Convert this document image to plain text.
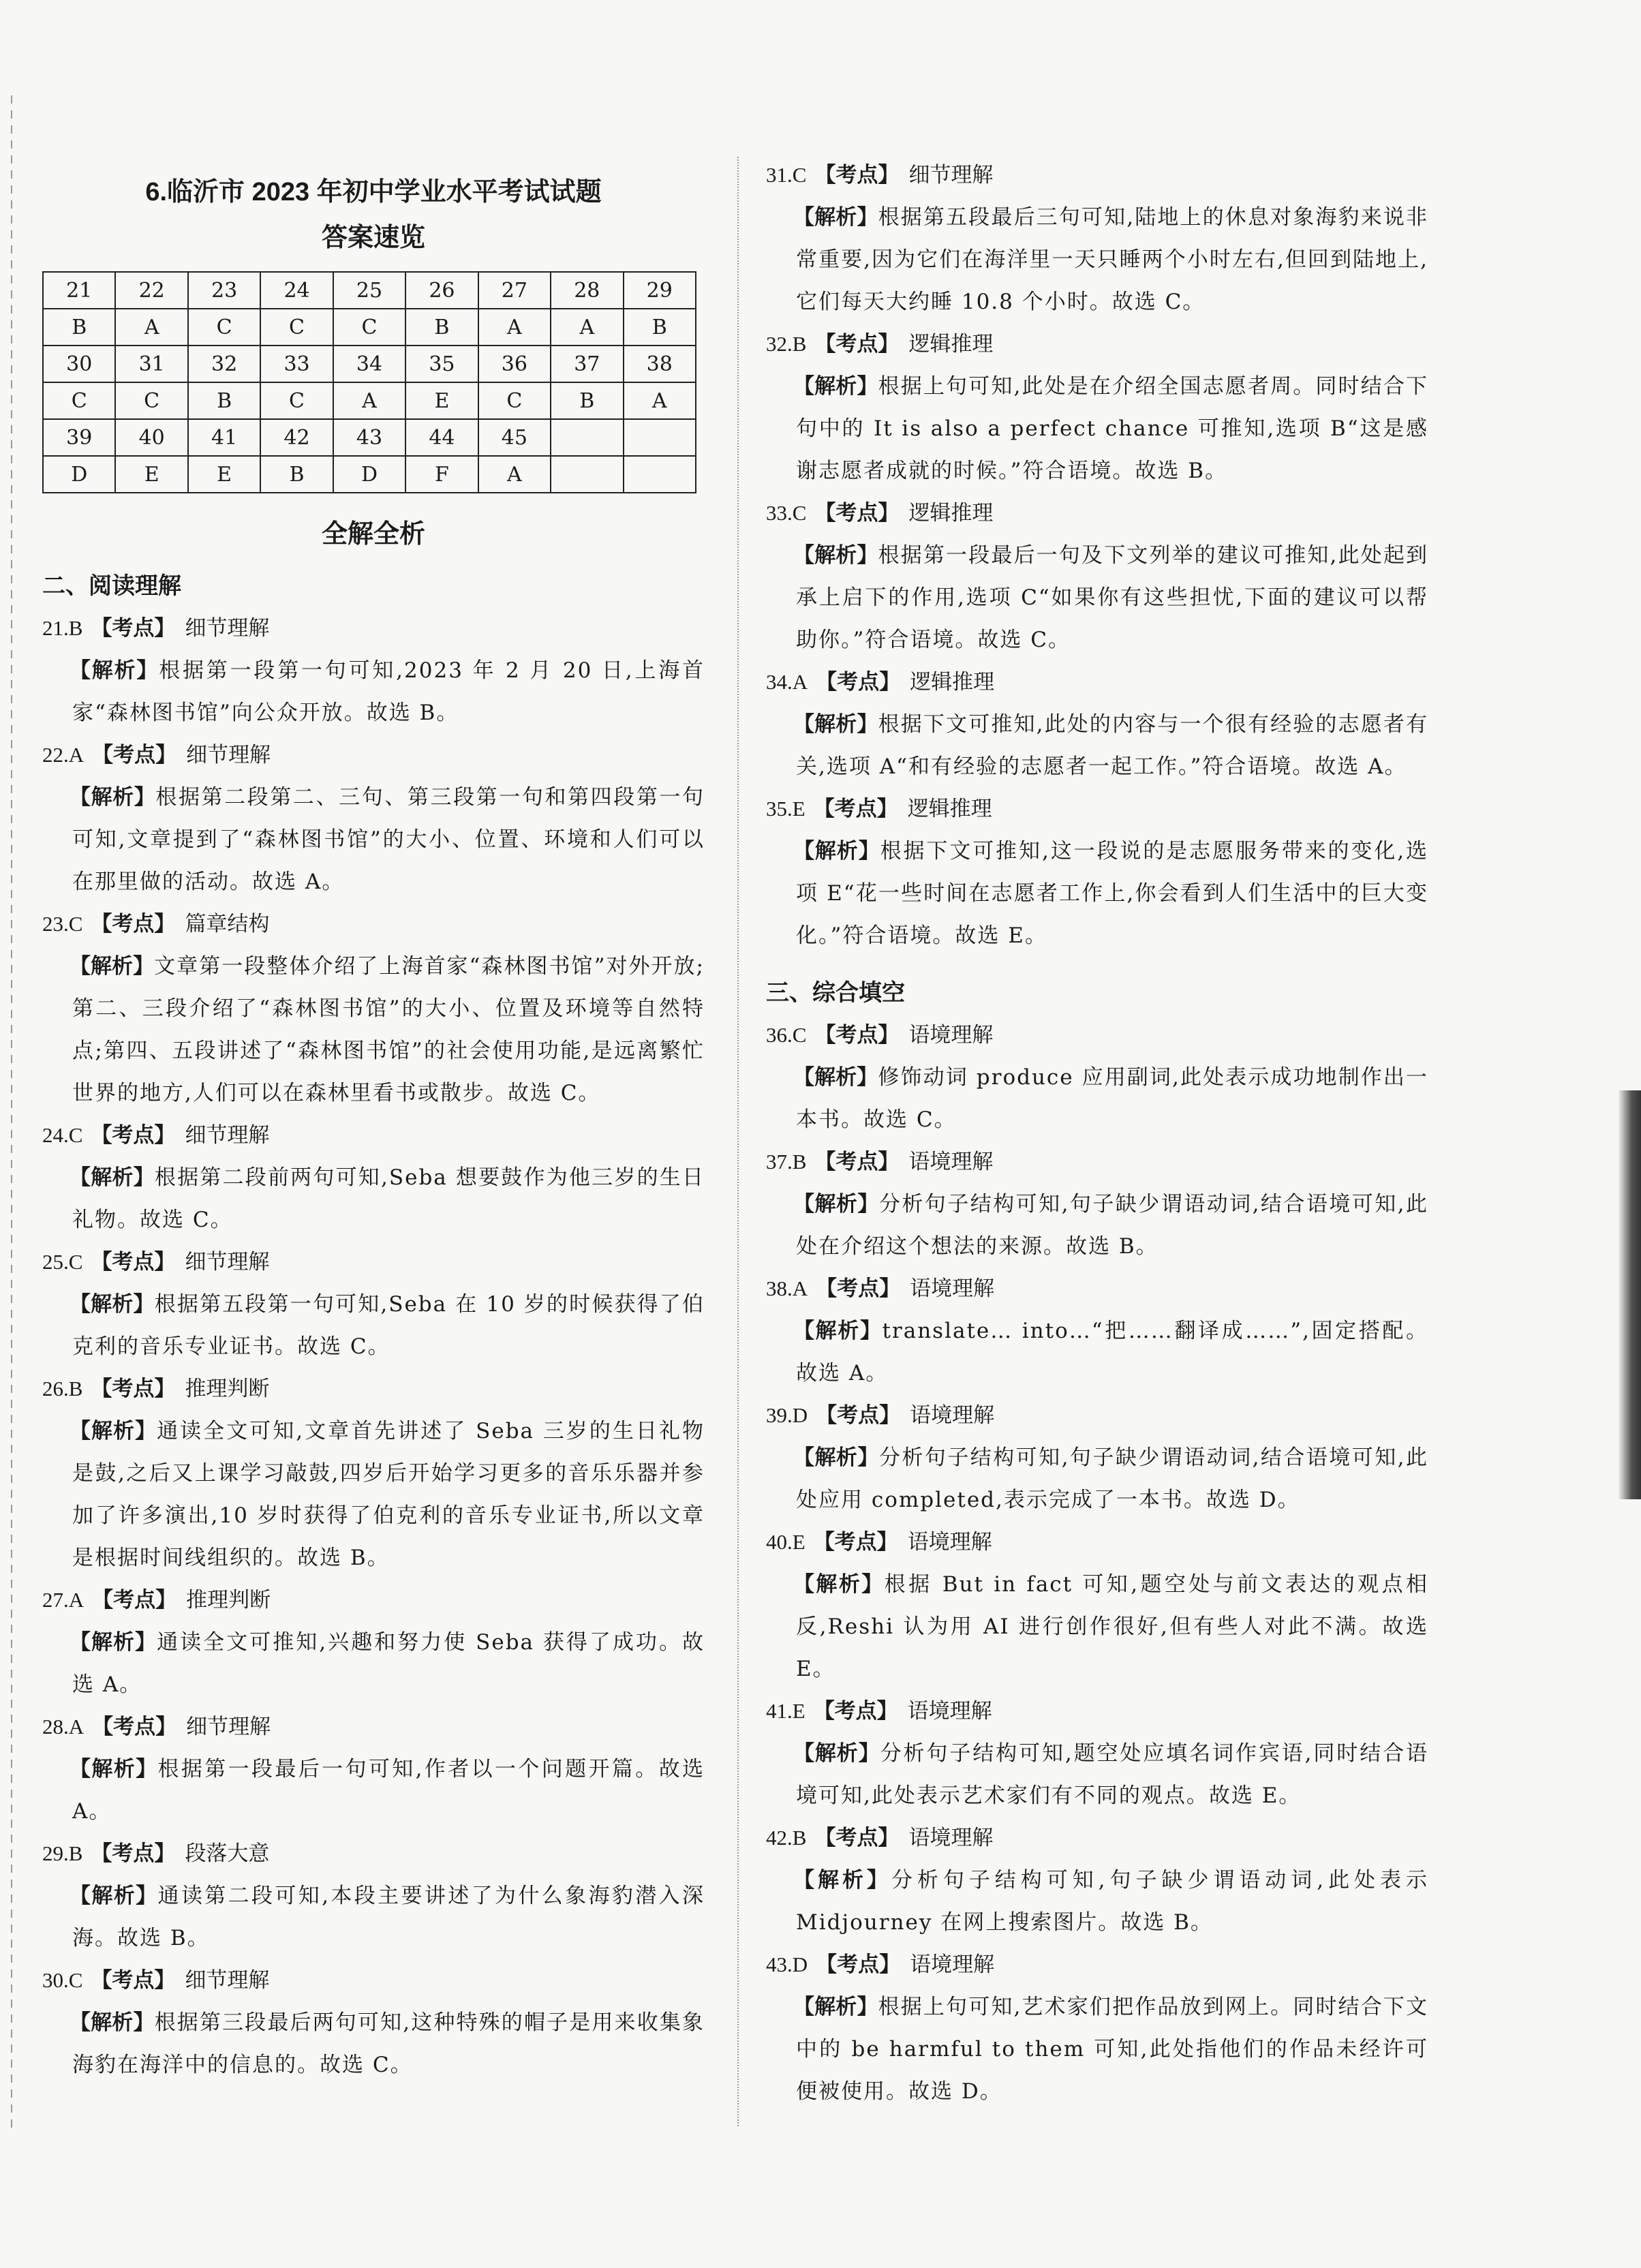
6.临沂市 2023 年初中学业水平考试试题
答案速览
21	22	23	24	25	26	27	28	29
B	A	C	C	C	B	A	A	B
30	31	32	33	34	35	36	37	38
C	C	B	C	A	E	C	B	A
39	40	41	42	43	44	45		
D	E	E	B	D	F	A		
全解全析
二、阅读理解
21.B 【考点】 细节理解
【解析】根据第一段第一句可知,2023 年 2 月 20 日,上海首家“森林图书馆”向公众开放。故选 B。
22.A 【考点】 细节理解
【解析】根据第二段第二、三句、第三段第一句和第四段第一句可知,文章提到了“森林图书馆”的大小、位置、环境和人们可以在那里做的活动。故选 A。
23.C 【考点】 篇章结构
【解析】文章第一段整体介绍了上海首家“森林图书馆”对外开放;第二、三段介绍了“森林图书馆”的大小、位置及环境等自然特点;第四、五段讲述了“森林图书馆”的社会使用功能,是远离繁忙世界的地方,人们可以在森林里看书或散步。故选 C。
24.C 【考点】 细节理解
【解析】根据第二段前两句可知,Seba 想要鼓作为他三岁的生日礼物。故选 C。
25.C 【考点】 细节理解
【解析】根据第五段第一句可知,Seba 在 10 岁的时候获得了伯克利的音乐专业证书。故选 C。
26.B 【考点】 推理判断
【解析】通读全文可知,文章首先讲述了 Seba 三岁的生日礼物是鼓,之后又上课学习敲鼓,四岁后开始学习更多的音乐乐器并参加了许多演出,10 岁时获得了伯克利的音乐专业证书,所以文章是根据时间线组织的。故选 B。
27.A 【考点】 推理判断
【解析】通读全文可推知,兴趣和努力使 Seba 获得了成功。故选 A。
28.A 【考点】 细节理解
【解析】根据第一段最后一句可知,作者以一个问题开篇。故选 A。
29.B 【考点】 段落大意
【解析】通读第二段可知,本段主要讲述了为什么象海豹潜入深海。故选 B。
30.C 【考点】 细节理解
【解析】根据第三段最后两句可知,这种特殊的帽子是用来收集象海豹在海洋中的信息的。故选 C。
31.C 【考点】 细节理解
【解析】根据第五段最后三句可知,陆地上的休息对象海豹来说非常重要,因为它们在海洋里一天只睡两个小时左右,但回到陆地上,它们每天大约睡 10.8 个小时。故选 C。
32.B 【考点】 逻辑推理
【解析】根据上句可知,此处是在介绍全国志愿者周。同时结合下句中的 It is also a perfect chance 可推知,选项 B“这是感谢志愿者成就的时候。”符合语境。故选 B。
33.C 【考点】 逻辑推理
【解析】根据第一段最后一句及下文列举的建议可推知,此处起到承上启下的作用,选项 C“如果你有这些担忧,下面的建议可以帮助你。”符合语境。故选 C。
34.A 【考点】 逻辑推理
【解析】根据下文可推知,此处的内容与一个很有经验的志愿者有关,选项 A“和有经验的志愿者一起工作。”符合语境。故选 A。
35.E 【考点】 逻辑推理
【解析】根据下文可推知,这一段说的是志愿服务带来的变化,选项 E“花一些时间在志愿者工作上,你会看到人们生活中的巨大变化。”符合语境。故选 E。
三、综合填空
36.C 【考点】 语境理解
【解析】修饰动词 produce 应用副词,此处表示成功地制作出一本书。故选 C。
37.B 【考点】 语境理解
【解析】分析句子结构可知,句子缺少谓语动词,结合语境可知,此处在介绍这个想法的来源。故选 B。
38.A 【考点】 语境理解
【解析】translate… into…“把……翻译成……”,固定搭配。故选 A。
39.D 【考点】 语境理解
【解析】分析句子结构可知,句子缺少谓语动词,结合语境可知,此处应用 completed,表示完成了一本书。故选 D。
40.E 【考点】 语境理解
【解析】根据 But in fact 可知,题空处与前文表达的观点相反,Reshi 认为用 AI 进行创作很好,但有些人对此不满。故选 E。
41.E 【考点】 语境理解
【解析】分析句子结构可知,题空处应填名词作宾语,同时结合语境可知,此处表示艺术家们有不同的观点。故选 E。
42.B 【考点】 语境理解
【解析】分析句子结构可知,句子缺少谓语动词,此处表示 Midjourney 在网上搜索图片。故选 B。
43.D 【考点】 语境理解
【解析】根据上句可知,艺术家们把作品放到网上。同时结合下文中的 be harmful to them 可知,此处指他们的作品未经许可便被使用。故选 D。
